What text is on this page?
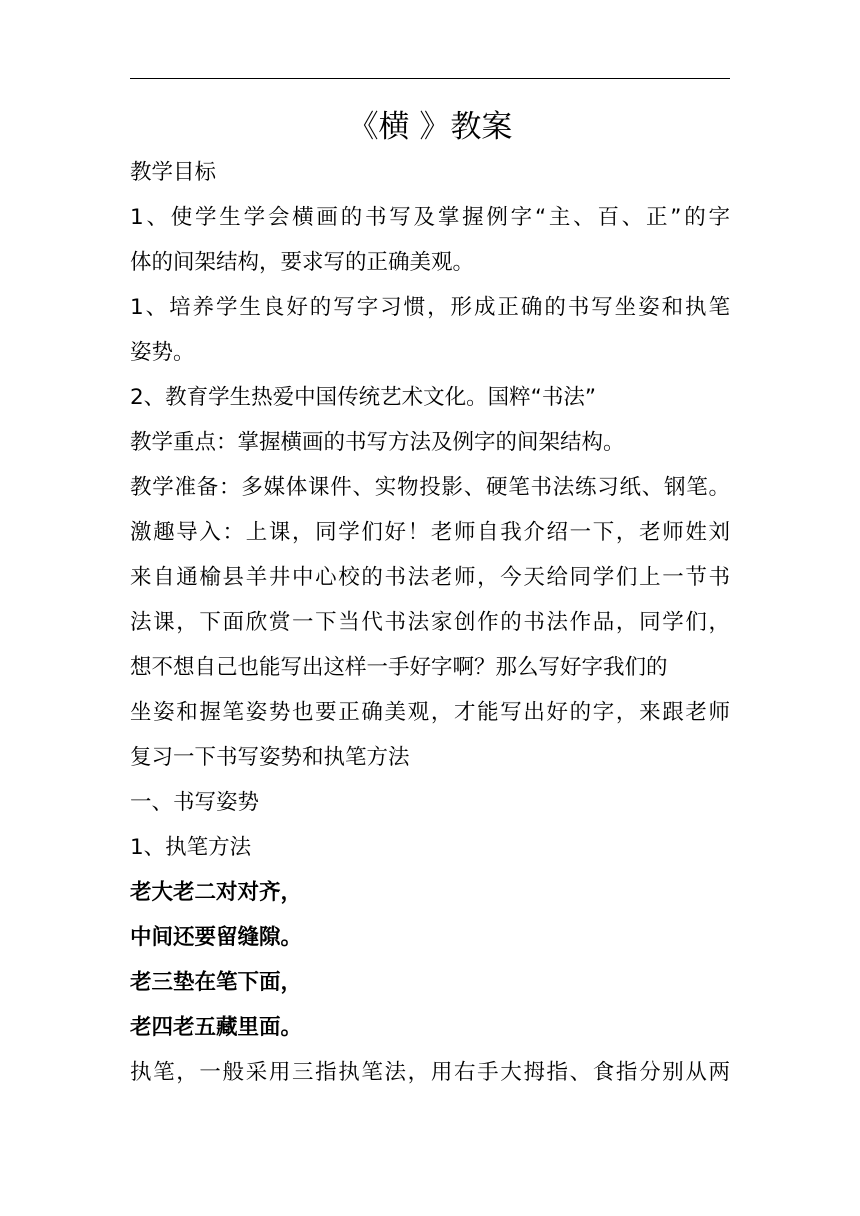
《横 》教案
教学目标
1、使学生学会横画的书写及掌握例字“主、百、正”的字
体的间架结构，要求写的正确美观。
1、培养学生良好的写字习惯，形成正确的书写坐姿和执笔
姿势。
2、教育学生热爱中国传统艺术文化。国粹“书法”
教学重点：掌握横画的书写方法及例字的间架结构。
教学准备：多媒体课件、实物投影、硬笔书法练习纸、钢笔。
激趣导入：上课，同学们好！老师自我介绍一下，老师姓刘
来自通榆县羊井中心校的书法老师，今天给同学们上一节书
法课，下面欣赏一下当代书法家创作的书法作品，同学们，
想不想自己也能写出这样一手好字啊？那么写好字我们的
坐姿和握笔姿势也要正确美观，才能写出好的字，来跟老师
复习一下书写姿势和执笔方法
一、书写姿势
1、执笔方法
老大老二对对齐，
中间还要留缝隙。
老三垫在笔下面，
老四老五藏里面。
执笔，一般采用三指执笔法，用右手大拇指、食指分别从两
